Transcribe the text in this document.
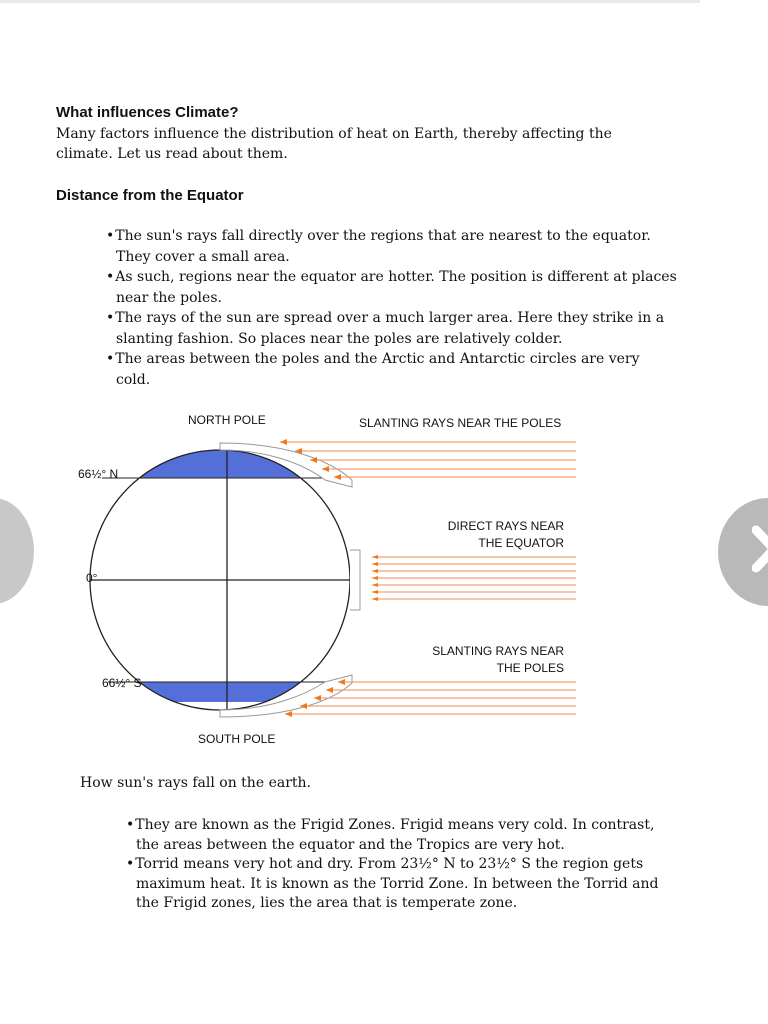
What influences Climate?
Many factors influence the distribution of heat on Earth, thereby affecting the climate. Let us read about them.
Distance from the Equator
• The sun's rays fall directly over the regions that are nearest to the equator. They cover a small area.
• As such, regions near the equator are hotter. The position is different at places near the poles.
• The rays of the sun are spread over a much larger area. Here they strike in a slanting fashion. So places near the poles are relatively colder.
• The areas between the poles and the Arctic and Antarctic circles are very cold.
NORTH POLE
SOUTH POLE
66½° N
0°
66½° S
SLANTING RAYS NEAR THE POLES
DIRECT RAYS NEAR
THE EQUATOR
SLANTING RAYS NEAR
THE POLES
How sun's rays fall on the earth.
• They are known as the Frigid Zones. Frigid means very cold. In contrast, the areas between the equator and the Tropics are very hot.
• Torrid means very hot and dry. From 23½° N to 23½° S the region gets maximum heat. It is known as the Torrid Zone. In between the Torrid and the Frigid zones, lies the area that is temperate zone.
